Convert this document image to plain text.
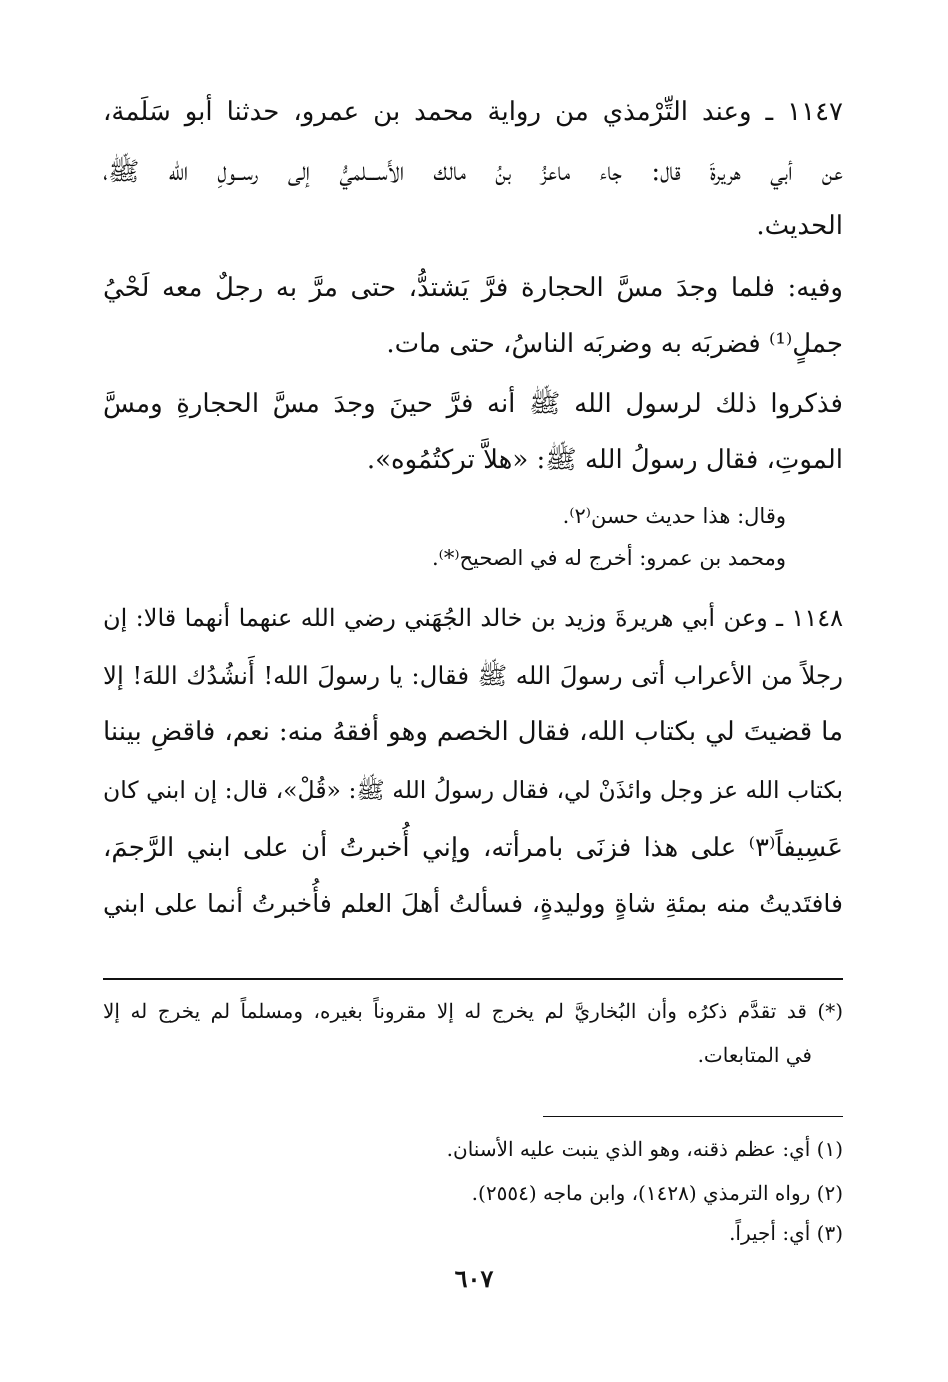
١١٤٧ ـ وعند التِّرْمذي من رواية محمد بن عمرو، حدثنا أبو سَلَمة،
عن أبي هريرةَ قال: جاء ماعزُ بنُ مالك الأَســـلميُّ إلى رســولِ الله ﷺ،
الحديث.
وفيه: فلما وجدَ مسَّ الحجارة فرَّ يَشتدُّ، حتى مرَّ به رجلٌ معه لَحْيُ
جملٍ⁽¹⁾ فضربَه به وضربَه الناسُ، حتى مات.
فذكروا ذلك لرسول الله ﷺ أنه فرَّ حينَ وجدَ مسَّ الحجارةِ ومسَّ
الموتِ، فقال رسولُ الله ﷺ: «هلاَّ تركتُمُوه».
وقال: هذا حديث حسن⁽٢⁾.
ومحمد بن عمرو: أخرج له في الصحيح⁽*⁾.
١١٤٨ ـ وعن أبي هريرةَ وزيد بن خالد الجُهَني رضي الله عنهما أنهما قالا: إن
رجلاً من الأعراب أتى رسولَ الله ﷺ فقال: يا رسولَ الله! أَنشُدُك اللهَ! إلا
ما قضيتَ لي بكتاب الله، فقال الخصم وهو أفقهُ منه: نعم، فاقضِ بيننا
بكتاب الله عز وجل وائذَنْ لي، فقال رسولُ الله ﷺ: «قُلْ»، قال: إن ابني كان
عَسِيفاً⁽٣⁾ على هذا فزنَى بامرأته، وإني أُخبرتُ أن على ابني الرَّجمَ،
فافتَديتُ منه بمئةِ شاةٍ ووليدةٍ، فسألتُ أهلَ العلم فأُخبرتُ أنما على ابني
(*) قد تقدَّم ذكرُه وأن البُخاريَّ لم يخرج له إلا مقروناً بغيره، ومسلماً لم يخرج له إلا
في المتابعات.
(١) أي: عظم ذقنه، وهو الذي ينبت عليه الأسنان.
(٢) رواه الترمذي (١٤٢٨)، وابن ماجه (٢٥٥٤).
(٣) أي: أجيراً.
٦٠٧
